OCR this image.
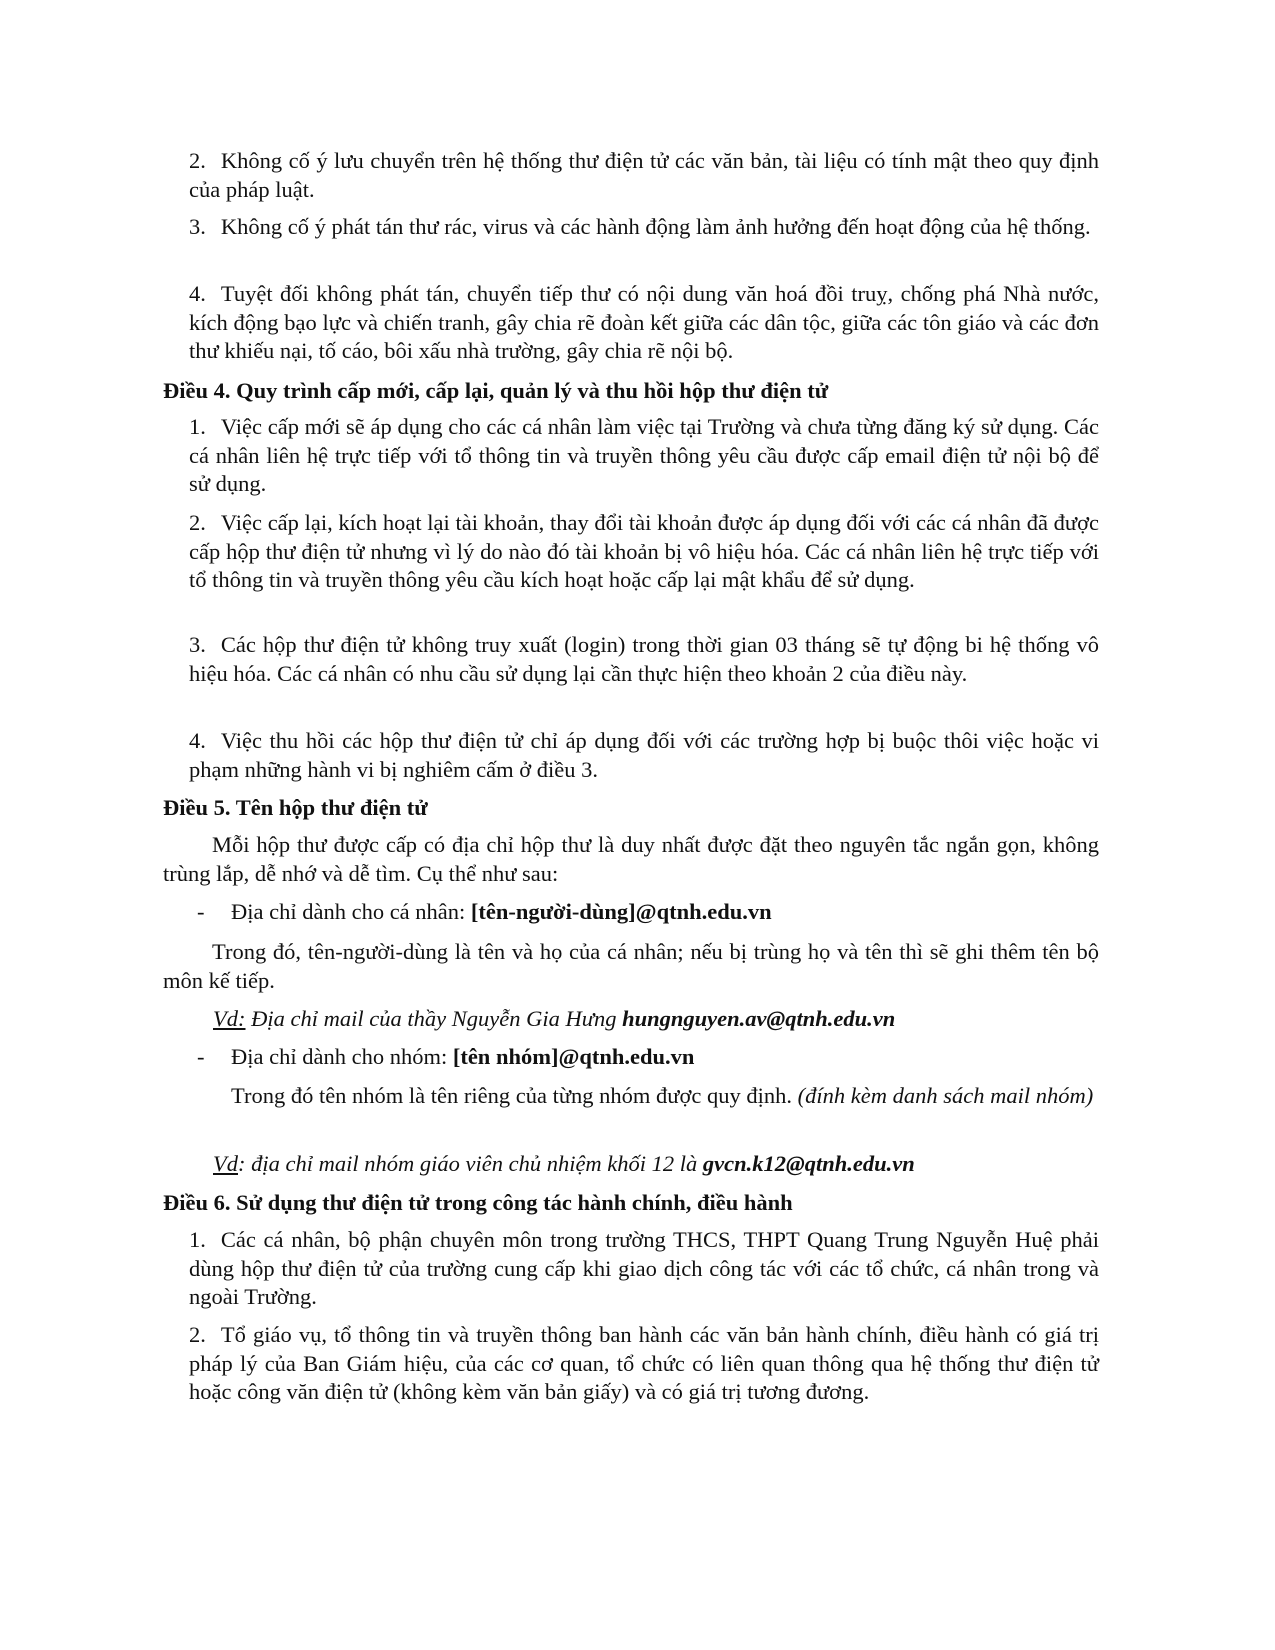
2. Không cố ý lưu chuyển trên hệ thống thư điện tử các văn bản, tài liệu có tính mật theo quy định của pháp luật.
3. Không cố ý phát tán thư rác, virus và các hành động làm ảnh hưởng đến hoạt động của hệ thống.
4. Tuyệt đối không phát tán, chuyển tiếp thư có nội dung văn hoá đồi truỵ, chống phá Nhà nước, kích động bạo lực và chiến tranh, gây chia rẽ đoàn kết giữa các dân tộc, giữa các tôn giáo và các đơn thư khiếu nại, tố cáo, bôi xấu nhà trường, gây chia rẽ nội bộ.
Điều 4. Quy trình cấp mới, cấp lại, quản lý và thu hồi hộp thư điện tử
1. Việc cấp mới sẽ áp dụng cho các cá nhân làm việc tại Trường và chưa từng đăng ký sử dụng. Các cá nhân liên hệ trực tiếp với tổ thông tin và truyền thông yêu cầu được cấp email điện tử nội bộ để sử dụng.
2. Việc cấp lại, kích hoạt lại tài khoản, thay đổi tài khoản được áp dụng đối với các cá nhân đã được cấp hộp thư điện tử nhưng vì lý do nào đó tài khoản bị vô hiệu hóa. Các cá nhân liên hệ trực tiếp với tổ thông tin và truyền thông yêu cầu kích hoạt hoặc cấp lại mật khẩu để sử dụng.
3. Các hộp thư điện tử không truy xuất (login) trong thời gian 03 tháng sẽ tự động bi hệ thống vô hiệu hóa. Các cá nhân có nhu cầu sử dụng lại cần thực hiện theo khoản 2 của điều này.
4. Việc thu hồi các hộp thư điện tử chỉ áp dụng đối với các trường hợp bị buộc thôi việc hoặc vi phạm những hành vi bị nghiêm cấm ở điều 3.
Điều 5. Tên hộp thư điện tử
Mỗi hộp thư được cấp có địa chỉ hộp thư là duy nhất được đặt theo nguyên tắc ngắn gọn, không trùng lắp, dễ nhớ và dễ tìm. Cụ thể như sau:
- Địa chỉ dành cho cá nhân: [tên-người-dùng]@qtnh.edu.vn
Trong đó, tên-người-dùng là tên và họ của cá nhân; nếu bị trùng họ và tên thì sẽ ghi thêm tên bộ môn kế tiếp.
Vd: Địa chỉ mail của thầy Nguyễn Gia Hưng hungnguyen.av@qtnh.edu.vn
- Địa chỉ dành cho nhóm: [tên nhóm]@qtnh.edu.vn
Trong đó tên nhóm là tên riêng của từng nhóm được quy định. (đính kèm danh sách mail nhóm)
Vd: địa chỉ mail nhóm giáo viên chủ nhiệm khối 12 là gvcn.k12@qtnh.edu.vn
Điều 6. Sử dụng thư điện tử trong công tác hành chính, điều hành
1. Các cá nhân, bộ phận chuyên môn trong trường THCS, THPT Quang Trung Nguyễn Huệ phải dùng hộp thư điện tử của trường cung cấp khi giao dịch công tác với các tổ chức, cá nhân trong và ngoài Trường.
2. Tổ giáo vụ, tổ thông tin và truyền thông ban hành các văn bản hành chính, điều hành có giá trị pháp lý của Ban Giám hiệu, của các cơ quan, tổ chức có liên quan thông qua hệ thống thư điện tử hoặc công văn điện tử (không kèm văn bản giấy) và có giá trị tương đương.
